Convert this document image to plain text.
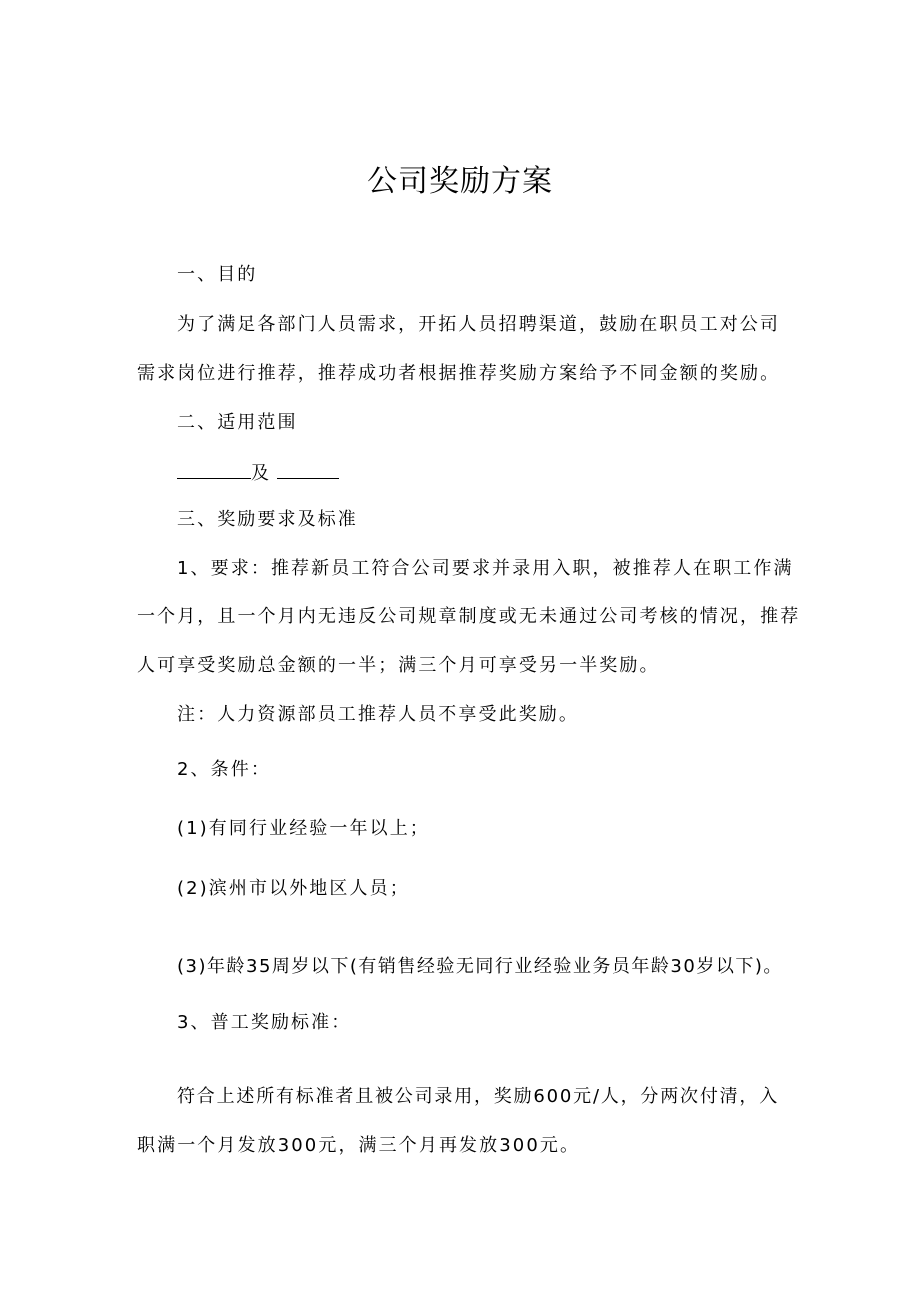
公司奖励方案
一、目的
为了满足各部门人员需求，开拓人员招聘渠道，鼓励在职员工对公司
需求岗位进行推荐，推荐成功者根据推荐奖励方案给予不同金额的奖励。
二、适用范围
及
三、奖励要求及标准
1、要求：推荐新员工符合公司要求并录用入职，被推荐人在职工作满
一个月，且一个月内无违反公司规章制度或无未通过公司考核的情况，推荐
人可享受奖励总金额的一半；满三个月可享受另一半奖励。
注：人力资源部员工推荐人员不享受此奖励。
2、条件：
(1)有同行业经验一年以上；
(2)滨州市以外地区人员；
(3)年龄35周岁以下(有销售经验无同行业经验业务员年龄30岁以下)。
3、普工奖励标准：
符合上述所有标准者且被公司录用，奖励600元/人，分两次付清，入
职满一个月发放300元，满三个月再发放300元。
